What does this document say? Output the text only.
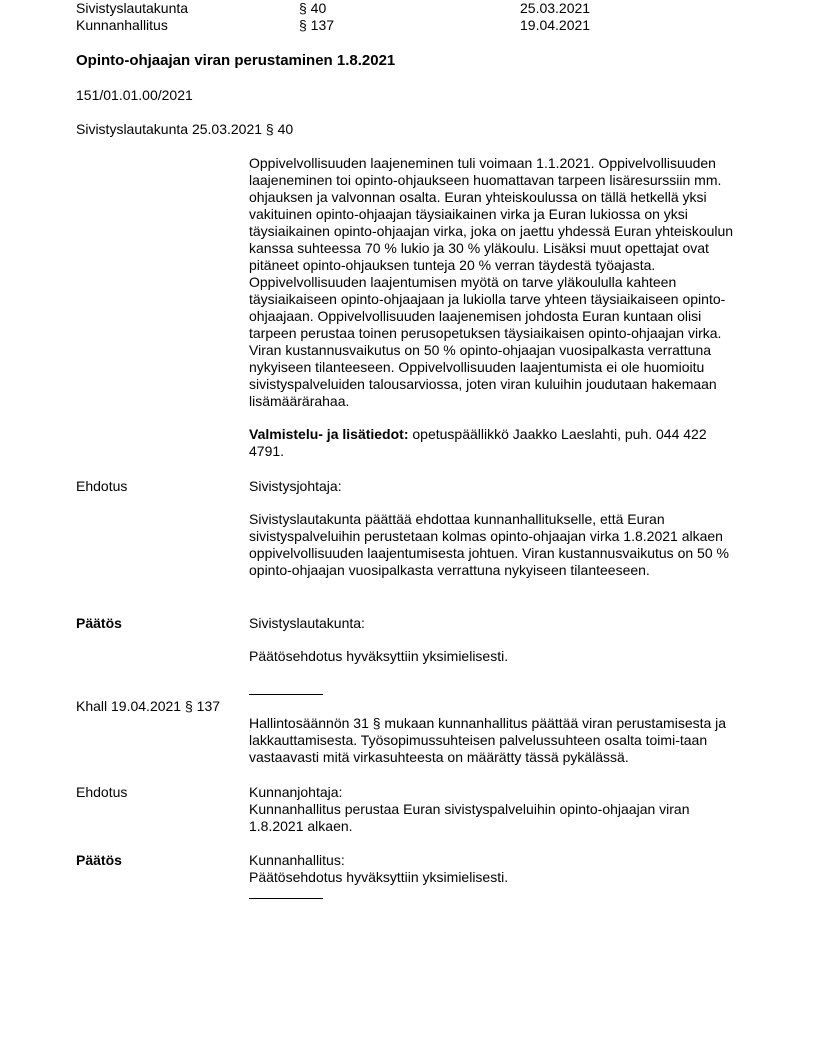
Sivistyslautakunta	§ 40	25.03.2021
Kunnanhallitus	§ 137	19.04.2021
Opinto-ohjaajan viran perustaminen 1.8.2021
151/01.01.00/2021
Sivistyslautakunta 25.03.2021 § 40
Oppivelvollisuuden laajeneminen tuli voimaan 1.1.2021. Oppivelvollisuuden laajeneminen toi opinto-ohjaukseen huomattavan tarpeen lisäresurssiin mm. ohjauksen ja valvonnan osalta. Euran yhteiskoulussa on tällä hetkellä yksi vakituinen opinto-ohjaajan täysiaikainen virka ja Euran lukiossa on yksi täysiaikainen opinto-ohjaajan virka, joka on jaettu yhdessä Euran yhteiskoulun kanssa suhteessa 70 % lukio ja 30 % yläkoulu. Lisäksi muut opettajat ovat pitäneet opinto-ohjauksen tunteja 20 % verran täydestä työajasta. Oppivelvollisuuden laajentumisen myötä on tarve yläkoululla kahteen täysiaikaiseen opinto-ohjaajaan ja lukiolla tarve yhteen täysiaikaiseen opinto-ohjaajaan. Oppivelvollisuuden laajenemisen johdosta Euran kuntaan olisi tarpeen perustaa toinen perusopetuksen täysiaikaisen opinto-ohjaajan virka. Viran kustannusvaikutus on 50 % opinto-ohjaajan vuosipalkasta verrattuna nykyiseen tilanteeseen. Oppivelvollisuuden laajentumista ei ole huomioitu sivistyspalveluiden talousarviossa, joten viran kuluihin joudutaan hakemaan lisämäärärahaa.
Valmistelu- ja lisätiedot: opetuspäällikkö Jaakko Laeslahti, puh. 044 422 4791.
Ehdotus	Sivistysjohtaja:
Sivistyslautakunta päättää ehdottaa kunnanhallitukselle, että Euran sivistyspalveluihin perustetaan kolmas opinto-ohjaajan virka 1.8.2021 alkaen oppivelvollisuuden laajentumisesta johtuen. Viran kustannusvaikutus on 50 % opinto-ohjaajan vuosipalkasta verrattuna nykyiseen tilanteeseen.
Päätös	Sivistyslautakunta:
Päätösehdotus hyväksyttiin yksimielisesti.
Khall 19.04.2021 § 137
Hallintosäännön 31 § mukaan kunnanhallitus päättää viran perustamisesta ja lakkauttamisesta. Työsopimussuhteisen palvelussuhteen osalta toimi-taan vastaavasti mitä virkasuhteesta on määrätty tässä pykälässä.
Ehdotus	Kunnanjohtaja:
Kunnanhallitus perustaa Euran sivistyspalveluihin opinto-ohjaajan viran 1.8.2021 alkaen.
Päätös	Kunnanhallitus:
Päätösehdotus hyväksyttiin yksimielisesti.
